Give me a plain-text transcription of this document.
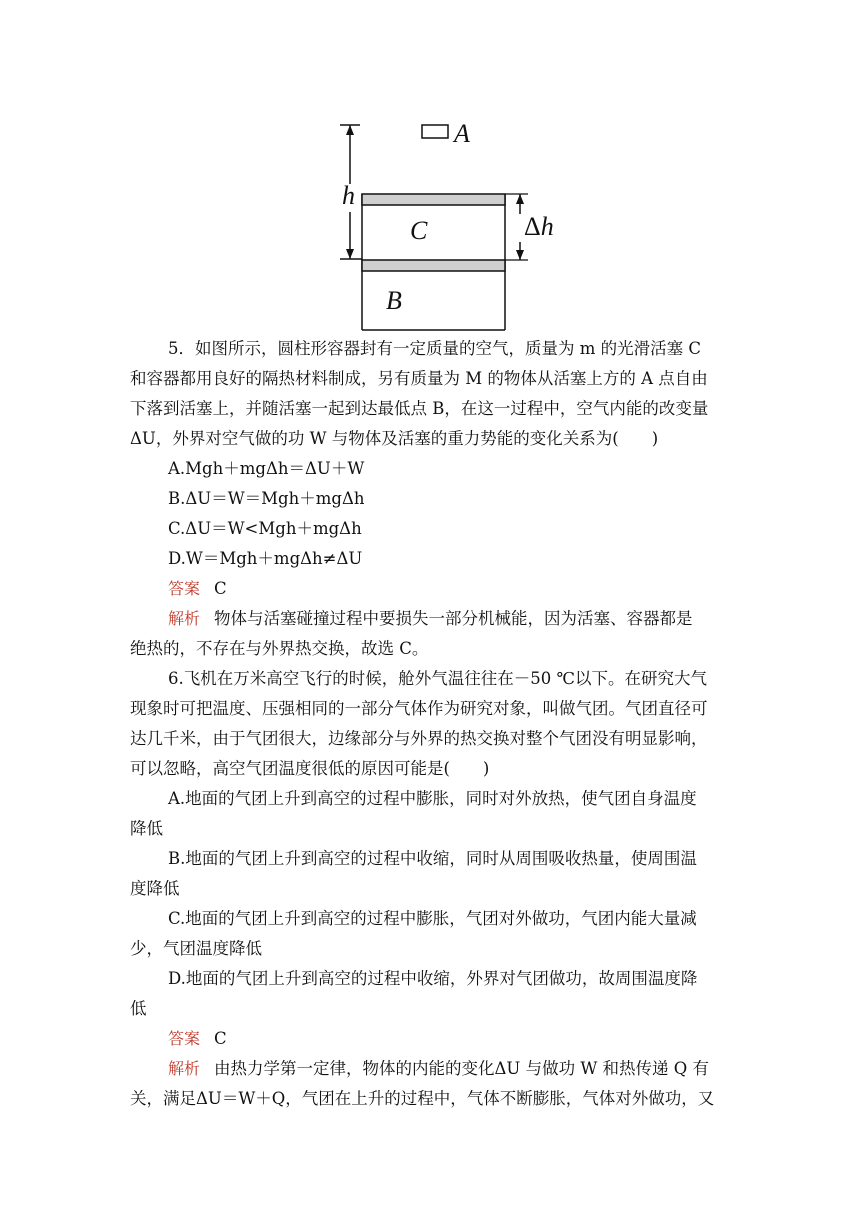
A
h
C	Δh
B

5．如图所示，圆柱形容器封有一定质量的空气，质量为 m 的光滑活塞 C

和容器都用良好的隔热材料制成，另有质量为 M 的物体从活塞上方的 A 点自由

下落到活塞上，并随活塞一起到达最低点 B，在这一过程中，空气内能的改变量

ΔU，外界对空气做的功 W 与物体及活塞的重力势能的变化关系为(　　)

A.Mgh＋mgΔh＝ΔU＋W

B.ΔU＝W＝Mgh＋mgΔh

C.ΔU＝W<Mgh＋mgΔh

D.W＝Mgh＋mgΔh≠ΔU

答案 C

解析 物体与活塞碰撞过程中要损失一部分机械能，因为活塞、容器都是

绝热的，不存在与外界热交换，故选 C。

6.飞机在万米高空飞行的时候，舱外气温往往在－50 ℃以下。在研究大气

现象时可把温度、压强相同的一部分气体作为研究对象，叫做气团。气团直径可

达几千米，由于气团很大，边缘部分与外界的热交换对整个气团没有明显影响，

可以忽略，高空气团温度很低的原因可能是(　　)

A.地面的气团上升到高空的过程中膨胀，同时对外放热，使气团自身温度

降低

B.地面的气团上升到高空的过程中收缩，同时从周围吸收热量，使周围温

度降低

C.地面的气团上升到高空的过程中膨胀，气团对外做功，气团内能大量减

少，气团温度降低

D.地面的气团上升到高空的过程中收缩，外界对气团做功，故周围温度降

低

答案 C

解析 由热力学第一定律，物体的内能的变化ΔU 与做功 W 和热传递 Q 有

关，满足ΔU＝W＋Q，气团在上升的过程中，气体不断膨胀，气体对外做功，又
